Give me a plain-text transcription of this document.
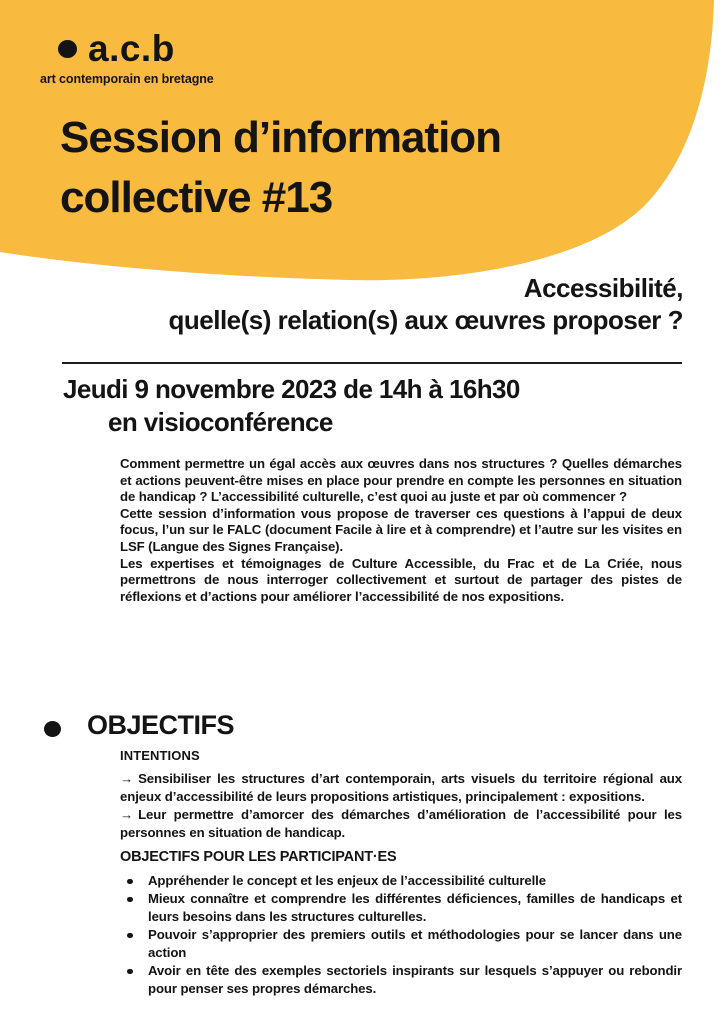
a.c.b
art contemporain en bretagne
Session d’information
collective #13
Accessibilité,
quelle(s) relation(s) aux œuvres proposer ?
Jeudi 9 novembre 2023 de 14h à 16h30
en visioconférence

Comment permettre un égal accès aux œuvres dans nos structures ? Quelles démarches et actions peuvent-être mises en place pour prendre en compte les personnes en situation de handicap ? L’accessibilité culturelle, c’est quoi au juste et par où commencer ?

Cette session d’information vous propose de traverser ces questions à l’appui de deux focus, l’un sur le FALC (document Facile à lire et à comprendre) et l’autre sur les visites en LSF (Langue des Signes Française).

Les expertises et témoignages de Culture Accessible, du Frac et de La Criée, nous permettrons de nous interroger collectivement et surtout de partager des pistes de réflexions et d’actions pour améliorer l’accessibilité de nos expositions.

OBJECTIFS
INTENTIONS

→ Sensibiliser les structures d’art contemporain, arts visuels du territoire régional aux enjeux d’accessibilité de leurs propositions artistiques, principalement : expositions.

→ Leur permettre d’amorcer des démarches d’amélioration de l’accessibilité pour les personnes en situation de handicap.

OBJECTIFS POUR LES PARTICIPANT·ES
Appréhender le concept et les enjeux de l’accessibilité culturelle
Mieux connaître et comprendre les différentes déficiences, familles de handicaps et leurs besoins dans les structures culturelles.
Pouvoir s’approprier des premiers outils et méthodologies pour se lancer dans une action
Avoir en tête des exemples sectoriels inspirants sur lesquels s’appuyer ou rebondir pour penser ses propres démarches.
